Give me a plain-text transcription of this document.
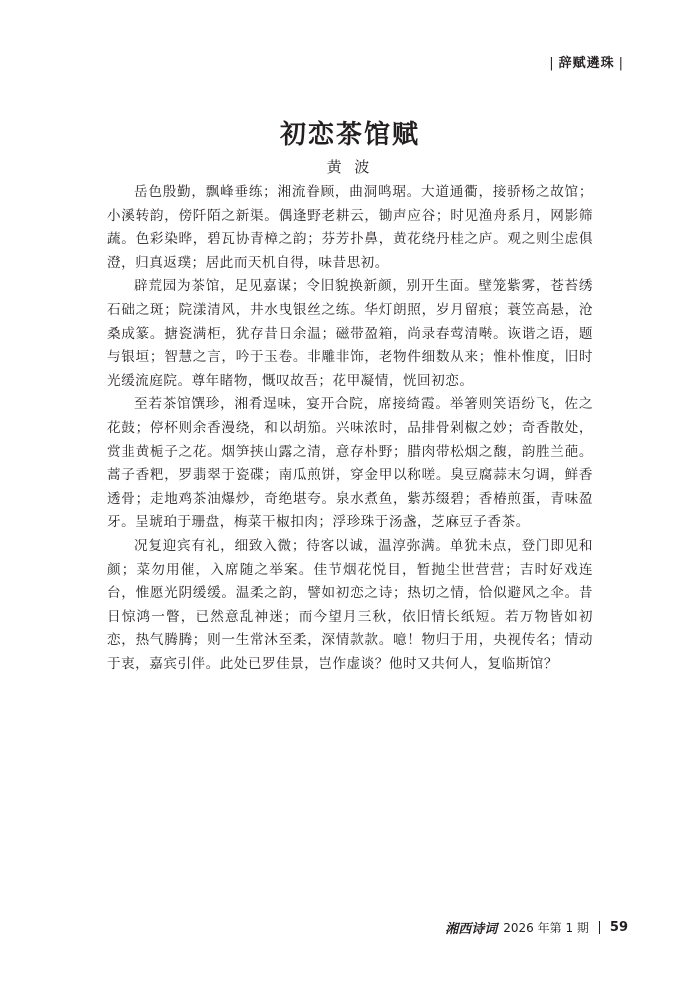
| 辞赋遴珠 |
初恋茶馆赋
黄 波

岳色殷勤，飘峰垂练；湘流眷顾，曲洞鸣琚。大道通衢，接骄杨之故馆；小溪转韵，傍阡陌之新渠。偶逢野老耕云，锄声应谷；时见渔舟系月，网影筛蔬。色彩染晔，碧瓦协青樟之韵；芬芳扑鼻，黄花绕丹桂之庐。观之则尘虑俱澄，归真返璞；居此而天机自得，味昔思初。

辟荒园为茶馆，足见嘉谋；令旧貌换新颜，别开生面。壁笼紫雾，苍苔绣石础之斑；院漾清风，井水曳银丝之练。华灯朗照，岁月留痕；蓑笠高悬，沧桑成篆。搪瓷满柜，犹存昔日余温；磁带盈箱，尚录春莺清啭。诙谐之语，题与银垣；智慧之言，吟于玉卷。非雕非饰，老物件细数从来；惟朴惟度，旧时光缓流庭院。尊年睹物，慨叹故吾；花甲凝情，恍回初恋。

至若茶馆馔珍，湘肴逞味，宴开合院，席接绮霞。举箸则笑语纷飞，佐之花鼓；停杯则余香漫绕，和以胡笳。兴味浓时，品排骨剁椒之妙；奇香散处，赏韭黄栀子之花。烟笋挟山露之清，意存朴野；腊肉带松烟之馥，韵胜兰葩。蒿子香粑，罗翡翠于瓷碟；南瓜煎饼，穿金甲以称嗟。臭豆腐蒜末匀调，鲜香透骨；走地鸡茶油爆炒，奇绝堪夸。泉水煮鱼，紫苏缀碧；香椿煎蛋，青味盈牙。呈琥珀于珊盘，梅菜干椒扣肉；浮珍珠于汤盏，芝麻豆子香茶。

况复迎宾有礼，细致入微；待客以诚，温淳弥满。单犹未点，登门即见和颜；菜勿用催，入席随之举案。佳节烟花悦目，暂抛尘世营营；吉时好戏连台，惟愿光阴缓缓。温柔之韵，譬如初恋之诗；热切之情，恰似避风之伞。昔日惊鸿一瞥，已然意乱神迷；而今望月三秋，依旧情长纸短。若万物皆如初恋，热气腾腾；则一生常沐至柔，深情款款。噫！物归于用，央视传名；情动于衷，嘉宾引伴。此处已罗佳景，岂作虚谈？他时又共何人，复临斯馆？

湘西诗词 2026 年第 1 期 59
